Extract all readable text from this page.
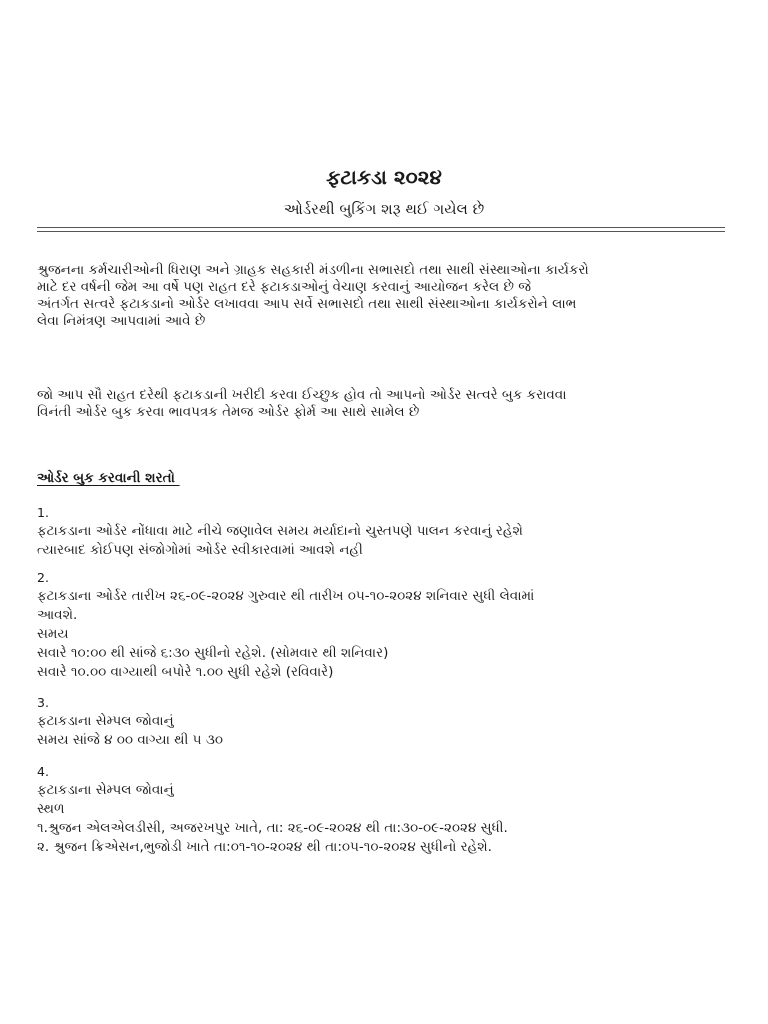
ફટાકડા ૨૦૨૪
ઓર્ડરથી બુકિંગ શરૂ થઈ ગયેલ છે
શ્રુજનના કર્મચારીઓની ધિરાણ અને ગ્રાહક સહકારી મંડળીના સભાસદો તથા સાથી સંસ્થાઓના કાર્યકરો
માટે દર વર્ષની જેમ આ વર્ષે પણ રાહત દરે ફટાકડાઓનું વેચાણ કરવાનું આયોજન કરેલ છે જે
અંતર્ગત સત્વરે ફટાકડાનો ઓર્ડર લખાવવા આપ સર્વે સભાસદો તથા સાથી સંસ્થાઓના કાર્યકરોને લાભ
લેવા નિમંત્રણ આપવામાં આવે છે
જો આપ સૌ રાહત દરેથી ફટાકડાની ખરીદી કરવા ઈચ્છુક હોવ તો આપનો ઓર્ડર સત્વરે બુક કરાવવા
વિનંતી ઓર્ડર બુક કરવા ભાવપત્રક તેમજ ઓર્ડર ફોર્મ આ સાથે સામેલ છે
ઓર્ડર બુક કરવાની શરતો
1.
ફટાકડાના ઓર્ડર નોંધાવા માટે નીચે જણાવેલ સમય મર્યાદાનો ચુસ્તપણે પાલન કરવાનું રહેશે
ત્યારબાદ કોઈપણ સંજોગોમાં ઓર્ડર સ્વીકારવામાં આવશે નહી
2.
ફટાકડાના ઓર્ડર તારીખ ૨૬-૦૯-૨૦૨૪ ગુરુવાર થી તારીખ ૦૫-૧૦-૨૦૨૪ શનિવાર સુધી લેવામાં
આવશે.
સમય
સવારે ૧૦:૦૦ થી સાંજે ૬:૩૦ સુધીનો રહેશે. (સોમવાર થી શનિવાર)
સવારે ૧૦.૦૦ વાગ્યાથી બપોરે ૧.૦૦ સુધી રહેશે (રવિવારે)
3.
ફટાકડાના સેમ્પલ જોવાનું
સમય સાંજે ૪ ૦૦ વાગ્યા થી ૫ ૩૦
4.
ફટાકડાના સેમ્પલ જોવાનું
સ્થળ
૧.શ્રુજન એલએલડીસી, અજરખપુર ખાતે, તા: ૨૬-૦૯-૨૦૨૪ થી તા:૩૦-૦૯-૨૦૨૪ સુધી.
૨. શ્રુજન ક્રિએસન,ભુજોડી ખાતે તા:૦૧-૧૦-૨૦૨૪ થી તા:૦૫-૧૦-૨૦૨૪ સુધીનો રહેશે.
